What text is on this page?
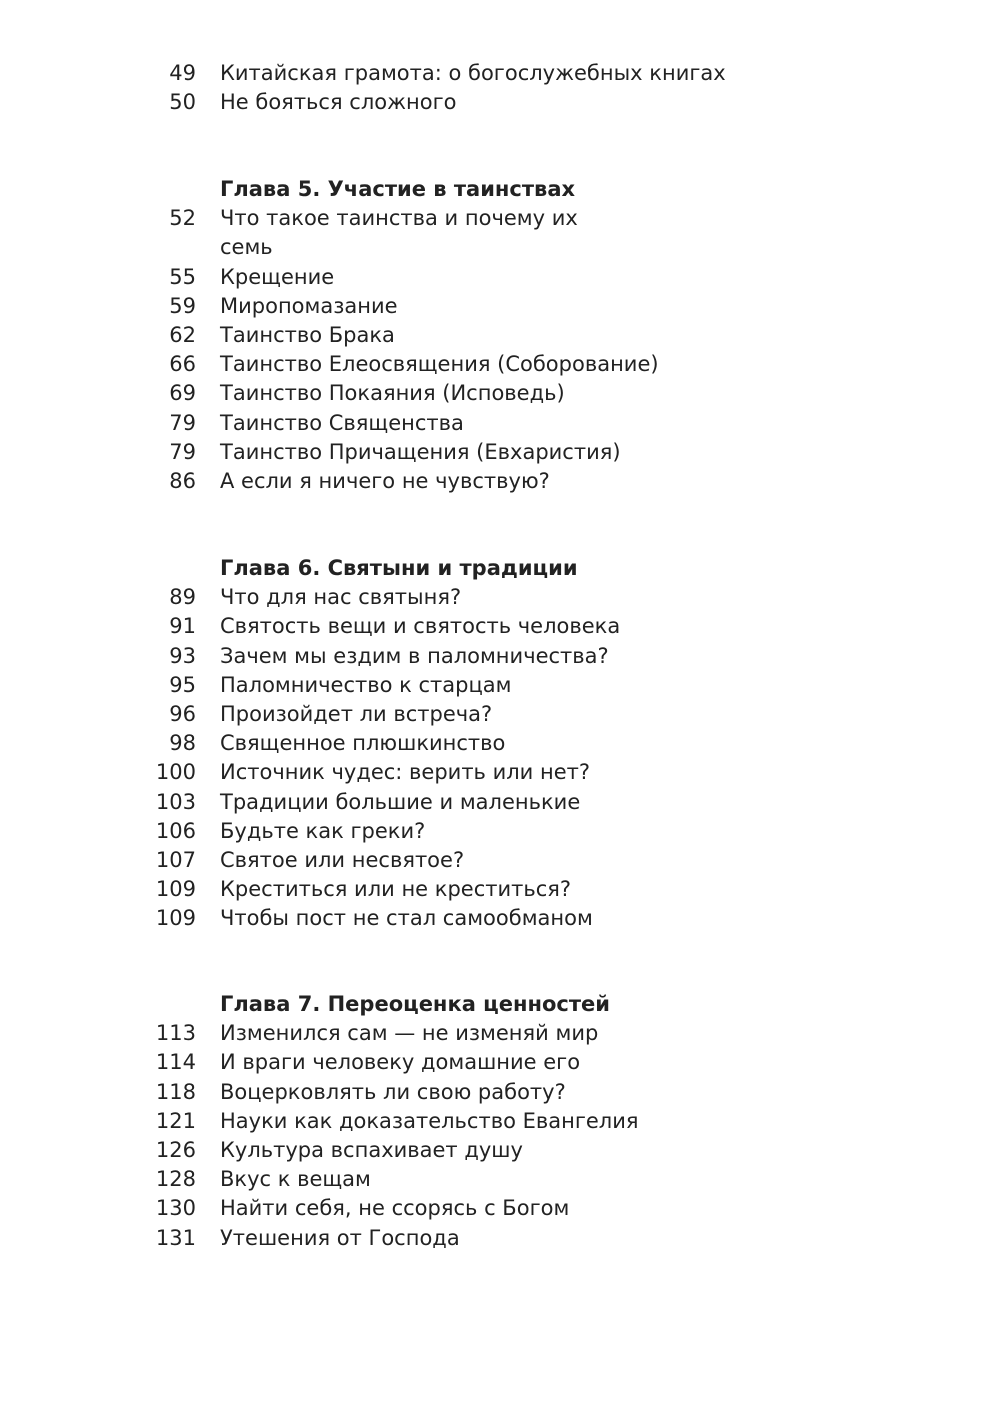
49 Китайская грамота: о богослужебных книгах
50 Не бояться сложного
Глава 5. Участие в таинствах
52 Что такое таинства и почему их
семь
55 Крещение
59 Миропомазание
62 Таинство Брака
66 Таинство Елеосвящения (Соборование)
69 Таинство Покаяния (Исповедь)
79 Таинство Священства
79 Таинство Причащения (Евхаристия)
86 А если я ничего не чувствую?
Глава 6. Святыни и традиции
89 Что для нас святыня?
91 Святость вещи и святость человека
93 Зачем мы ездим в паломничества?
95 Паломничество к старцам
96 Произойдет ли встреча?
98 Священное плюшкинство
100 Источник чудес: верить или нет?
103 Традиции большие и маленькие
106 Будьте как греки?
107 Святое или несвятое?
109 Креститься или не креститься?
109 Чтобы пост не стал самообманом
Глава 7. Переоценка ценностей
113 Изменился сам — не изменяй мир
114 И враги человеку домашние его
118 Воцерковлять ли свою работу?
121 Науки как доказательство Евангелия
126 Культура вспахивает душу
128 Вкус к вещам
130 Найти себя, не ссорясь с Богом
131 Утешения от Господа
